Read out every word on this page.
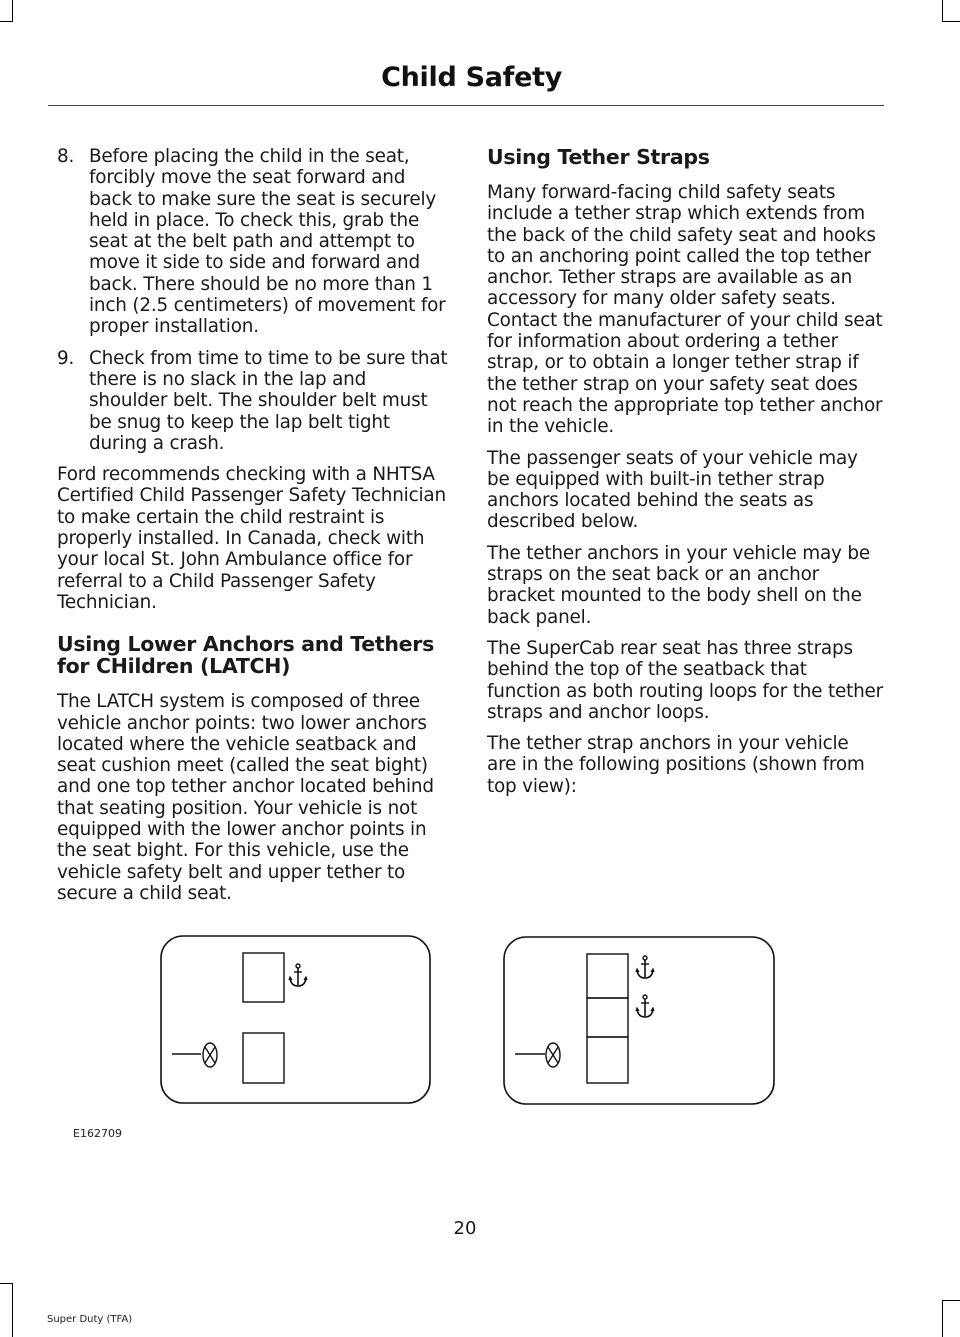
Child Safety
8. Before placing the child in the seat, forcibly move the seat forward and back to make sure the seat is securely held in place. To check this, grab the seat at the belt path and attempt to move it side to side and forward and back. There should be no more than 1 inch (2.5 centimeters) of movement for proper installation.
9. Check from time to time to be sure that there is no slack in the lap and shoulder belt. The shoulder belt must be snug to keep the lap belt tight during a crash.
Ford recommends checking with a NHTSA Certified Child Passenger Safety Technician to make certain the child restraint is properly installed. In Canada, check with your local St. John Ambulance office for referral to a Child Passenger Safety Technician.
Using Lower Anchors and Tethers for CHildren (LATCH)
The LATCH system is composed of three vehicle anchor points: two lower anchors located where the vehicle seatback and seat cushion meet (called the seat bight) and one top tether anchor located behind that seating position. Your vehicle is not equipped with the lower anchor points in the seat bight. For this vehicle, use the vehicle safety belt and upper tether to secure a child seat.
Using Tether Straps
Many forward-facing child safety seats include a tether strap which extends from the back of the child safety seat and hooks to an anchoring point called the top tether anchor. Tether straps are available as an accessory for many older safety seats. Contact the manufacturer of your child seat for information about ordering a tether strap, or to obtain a longer tether strap if the tether strap on your safety seat does not reach the appropriate top tether anchor in the vehicle.
The passenger seats of your vehicle may be equipped with built-in tether strap anchors located behind the seats as described below.
The tether anchors in your vehicle may be straps on the seat back or an anchor bracket mounted to the body shell on the back panel.
The SuperCab rear seat has three straps behind the top of the seatback that function as both routing loops for the tether straps and anchor loops.
The tether strap anchors in your vehicle are in the following positions (shown from top view):
E162709
20
Super Duty (TFA)
